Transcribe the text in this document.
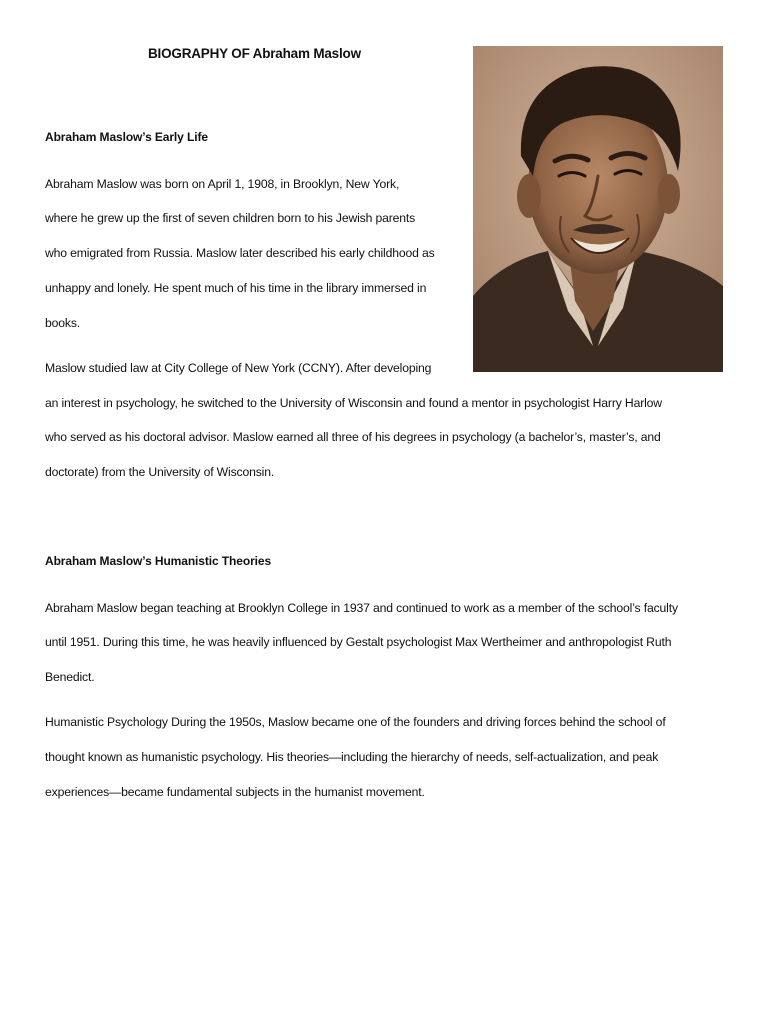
BIOGRAPHY OF Abraham Maslow
Abraham Maslow’s Early Life

Abraham Maslow was born on April 1, 1908, in Brooklyn, New York,

where he grew up the first of seven children born to his Jewish parents

who emigrated from Russia. Maslow later described his early childhood as

unhappy and lonely. He spent much of his time in the library immersed in

books.

Maslow studied law at City College of New York (CCNY). After developing

an interest in psychology, he switched to the University of Wisconsin and found a mentor in psychologist Harry Harlow

who served as his doctoral advisor. Maslow earned all three of his degrees in psychology (a bachelor’s, master’s, and

doctorate) from the University of Wisconsin.

Abraham Maslow’s Humanistic Theories

Abraham Maslow began teaching at Brooklyn College in 1937 and continued to work as a member of the school’s faculty

until 1951. During this time, he was heavily influenced by Gestalt psychologist Max Wertheimer and anthropologist Ruth

Benedict.

Humanistic Psychology During the 1950s, Maslow became one of the founders and driving forces behind the school of

thought known as humanistic psychology. His theories—including the hierarchy of needs, self-actualization, and peak

experiences—became fundamental subjects in the humanist movement.
